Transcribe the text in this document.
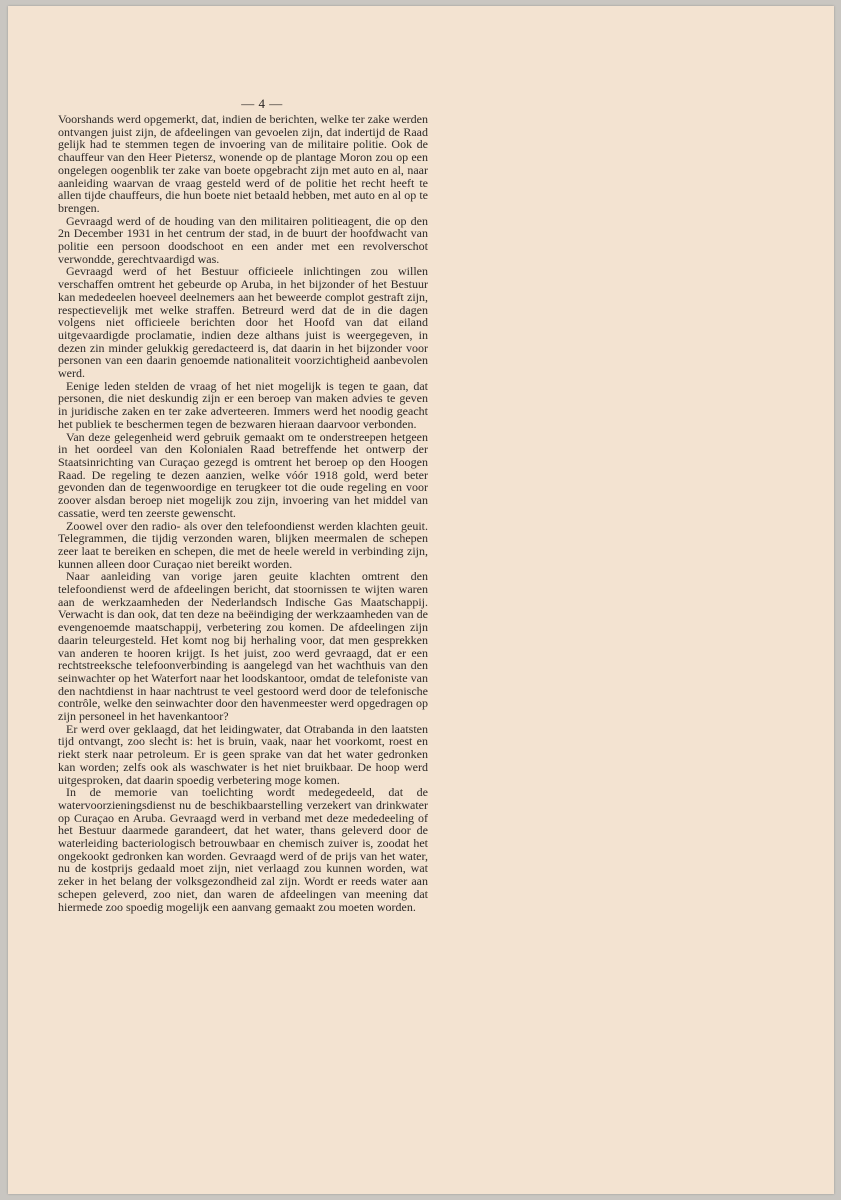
— 4 —

Voorshands werd opgemerkt, dat, indien de berichten, welke ter zake werden ontvangen juist zijn, de afdeelingen van gevoelen zijn, dat indertijd de Raad gelijk had te stemmen tegen de invoering van de militaire politie. Ook de chauffeur van den Heer Pietersz, wonende op de plantage Moron zou op een ongelegen oogenblik ter zake van boete opgebracht zijn met auto en al, naar aanleiding waarvan de vraag gesteld werd of de politie het recht heeft te allen tijde chauffeurs, die hun boete niet betaald hebben, met auto en al op te brengen.

Gevraagd werd of de houding van den militairen politieagent, die op den 2n December 1931 in het centrum der stad, in de buurt der hoofdwacht van politie een persoon doodschoot en een ander met een revolverschot verwondde, gerechtvaardigd was.

Gevraagd werd of het Bestuur officieele inlichtingen zou willen verschaffen omtrent het gebeurde op Aruba, in het bijzonder of het Bestuur kan mededeelen hoeveel deelnemers aan het beweerde complot gestraft zijn, respectievelijk met welke straffen. Betreurd werd dat de in die dagen volgens niet officieele berichten door het Hoofd van dat eiland uitgevaardigde proclamatie, indien deze althans juist is weergegeven, in dezen zin minder gelukkig geredacteerd is, dat daarin in het bijzonder voor personen van een daarin genoemde nationaliteit voorzichtigheid aanbevolen werd.

Eenige leden stelden de vraag of het niet mogelijk is tegen te gaan, dat personen, die niet deskundig zijn er een beroep van maken advies te geven in juridische zaken en ter zake adverteeren. Immers werd het noodig geacht het publiek te beschermen tegen de bezwaren hieraan daarvoor verbonden.

Van deze gelegenheid werd gebruik gemaakt om te onderstreepen hetgeen in het oordeel van den Kolonialen Raad betreffende het ontwerp der Staatsinrichting van Curaçao gezegd is omtrent het beroep op den Hoogen Raad. De regeling te dezen aanzien, welke vóór 1918 gold, werd beter gevonden dan de tegenwoordige en terugkeer tot die oude regeling en voor zoover alsdan beroep niet mogelijk zou zijn, invoering van het middel van cassatie, werd ten zeerste gewenscht.

Zoowel over den radio- als over den telefoondienst werden klachten geuit. Telegrammen, die tijdig verzonden waren, blijken meermalen de schepen zeer laat te bereiken en schepen, die met de heele wereld in verbinding zijn, kunnen alleen door Curaçao niet bereikt worden.

Naar aanleiding van vorige jaren geuite klachten omtrent den telefoondienst werd de afdeelingen bericht, dat stoornissen te wijten waren aan de werkzaamheden der Nederlandsch Indische Gas Maatschappij. Verwacht is dan ook, dat ten deze na beëindiging der werkzaamheden van de evengenoemde maatschappij, verbetering zou komen. De afdeelingen zijn daarin teleurgesteld. Het komt nog bij herhaling voor, dat men gesprekken van anderen te hooren krijgt. Is het juist, zoo werd gevraagd, dat er een rechtstreeksche telefoonverbinding is aangelegd van het wachthuis van den seinwachter op het Waterfort naar het loodskantoor, omdat de telefoniste van den nachtdienst in haar nachtrust te veel gestoord werd door de telefonische contrôle, welke den seinwachter door den havenmeester werd opgedragen op zijn personeel in het havenkantoor?

Er werd over geklaagd, dat het leidingwater, dat Otrabanda in den laatsten tijd ontvangt, zoo slecht is: het is bruin, vaak, naar het voorkomt, roest en riekt sterk naar petroleum. Er is geen sprake van dat het water gedronken kan worden; zelfs ook als waschwater is het niet bruikbaar. De hoop werd uitgesproken, dat daarin spoedig verbetering moge komen.

In de memorie van toelichting wordt medegedeeld, dat de watervoorzieningsdienst nu de beschikbaarstelling verzekert van drinkwater op Curaçao en Aruba. Gevraagd werd in verband met deze mededeeling of het Bestuur daarmede garandeert, dat het water, thans geleverd door de waterleiding bacteriologisch betrouwbaar en chemisch zuiver is, zoodat het ongekookt gedronken kan worden. Gevraagd werd of de prijs van het water, nu de kostprijs gedaald moet zijn, niet verlaagd zou kunnen worden, wat zeker in het belang der volksgezondheid zal zijn. Wordt er reeds water aan schepen geleverd, zoo niet, dan waren de afdeelingen van meening dat hiermede zoo spoedig mogelijk een aanvang gemaakt zou moeten worden.
